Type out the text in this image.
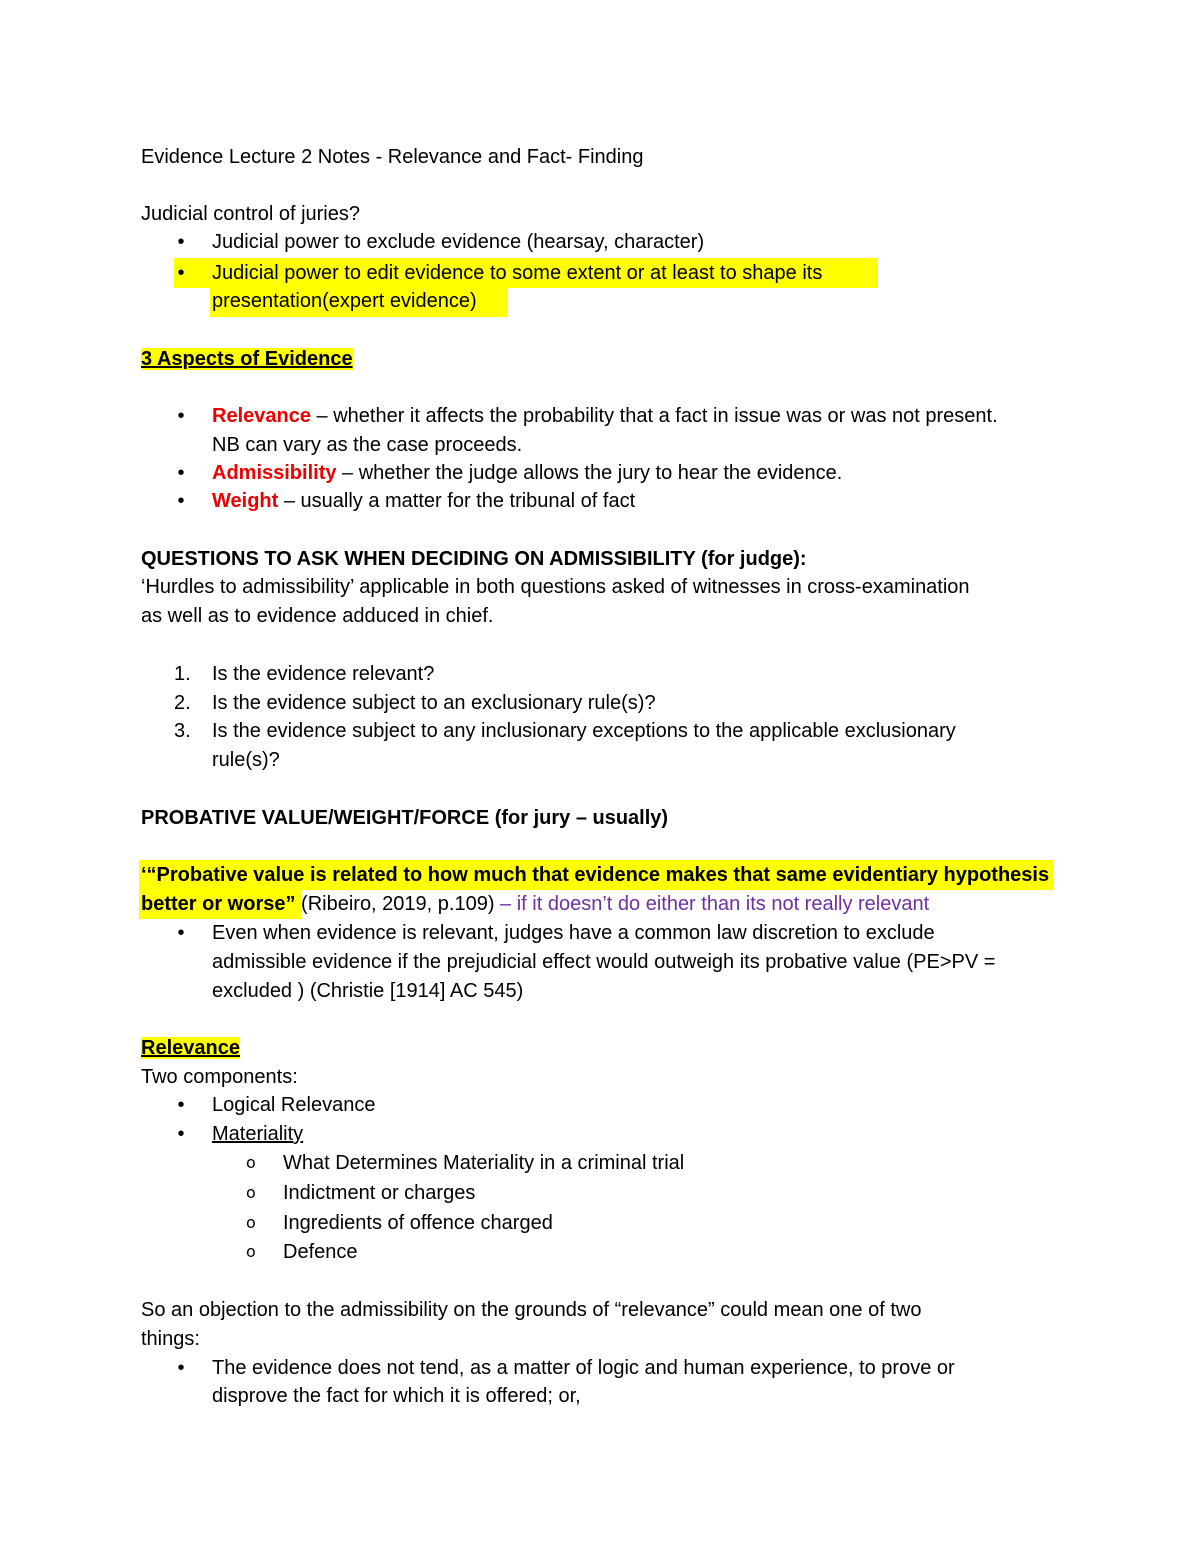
Evidence Lecture 2 Notes - Relevance and Fact- Finding
Judicial control of juries?
• Judicial power to exclude evidence (hearsay, character)
• Judicial power to edit evidence to some extent or at least to shape its
presentation(expert evidence)
3 Aspects of Evidence
• Relevance – whether it affects the probability that a fact in issue was or was not present.
NB can vary as the case proceeds.
• Admissibility – whether the judge allows the jury to hear the evidence.
• Weight – usually a matter for the tribunal of fact
QUESTIONS TO ASK WHEN DECIDING ON ADMISSIBILITY (for judge):
‘Hurdles to admissibility’ applicable in both questions asked of witnesses in cross-examination
as well as to evidence adduced in chief.
1. Is the evidence relevant?
2. Is the evidence subject to an exclusionary rule(s)?
3. Is the evidence subject to any inclusionary exceptions to the applicable exclusionary
rule(s)?
PROBATIVE VALUE/WEIGHT/FORCE (for jury – usually)
‘“Probative value is related to how much that evidence makes that same evidentiary hypothesis
better or worse” (Ribeiro, 2019, p.109) – if it doesn’t do either than its not really relevant
• Even when evidence is relevant, judges have a common law discretion to exclude
admissible evidence if the prejudicial effect would outweigh its probative value (PE>PV =
excluded ) (Christie [1914] AC 545)
Relevance
Two components:
• Logical Relevance
• Materiality
o What Determines Materiality in a criminal trial
o Indictment or charges
o Ingredients of offence charged
o Defence
So an objection to the admissibility on the grounds of “relevance” could mean one of two
things:
• The evidence does not tend, as a matter of logic and human experience, to prove or
disprove the fact for which it is offered; or,
